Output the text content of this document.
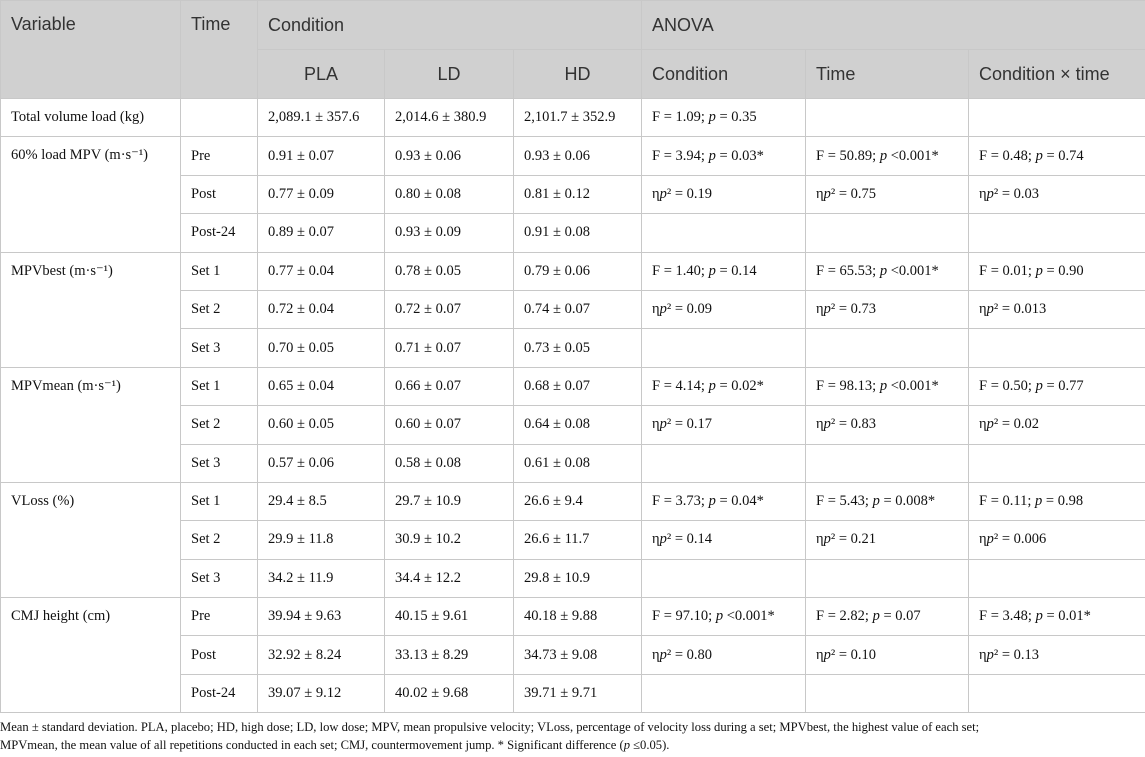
Variable	Time	Condition			ANOVA		
		PLA	LD	HD	Condition	Time	Condition × time
Total volume load (kg)		2,089.1 ± 357.6	2,014.6 ± 380.9	2,101.7 ± 352.9	F = 1.09; p = 0.35		
60% load MPV (m·s⁻¹)	Pre	0.91 ± 0.07	0.93 ± 0.06	0.93 ± 0.06	F = 3.94; p = 0.03*	F = 50.89; p <0.001*	F = 0.48; p = 0.74
	Post	0.77 ± 0.09	0.80 ± 0.08	0.81 ± 0.12	ηp² = 0.19	ηp² = 0.75	ηp² = 0.03
	Post-24	0.89 ± 0.07	0.93 ± 0.09	0.91 ± 0.08			
MPVbest (m·s⁻¹)	Set 1	0.77 ± 0.04	0.78 ± 0.05	0.79 ± 0.06	F = 1.40; p = 0.14	F = 65.53; p <0.001*	F = 0.01; p = 0.90
	Set 2	0.72 ± 0.04	0.72 ± 0.07	0.74 ± 0.07	ηp² = 0.09	ηp² = 0.73	ηp² = 0.013
	Set 3	0.70 ± 0.05	0.71 ± 0.07	0.73 ± 0.05			
MPVmean (m·s⁻¹)	Set 1	0.65 ± 0.04	0.66 ± 0.07	0.68 ± 0.07	F = 4.14; p = 0.02*	F = 98.13; p <0.001*	F = 0.50; p = 0.77
	Set 2	0.60 ± 0.05	0.60 ± 0.07	0.64 ± 0.08	ηp² = 0.17	ηp² = 0.83	ηp² = 0.02
	Set 3	0.57 ± 0.06	0.58 ± 0.08	0.61 ± 0.08			
VLoss (%)	Set 1	29.4 ± 8.5	29.7 ± 10.9	26.6 ± 9.4	F = 3.73; p = 0.04*	F = 5.43; p = 0.008*	F = 0.11; p = 0.98
	Set 2	29.9 ± 11.8	30.9 ± 10.2	26.6 ± 11.7	ηp² = 0.14	ηp² = 0.21	ηp² = 0.006
	Set 3	34.2 ± 11.9	34.4 ± 12.2	29.8 ± 10.9			
CMJ height (cm)	Pre	39.94 ± 9.63	40.15 ± 9.61	40.18 ± 9.88	F = 97.10; p <0.001*	F = 2.82; p = 0.07	F = 3.48; p = 0.01*
	Post	32.92 ± 8.24	33.13 ± 8.29	34.73 ± 9.08	ηp² = 0.80	ηp² = 0.10	ηp² = 0.13
	Post-24	39.07 ± 9.12	40.02 ± 9.68	39.71 ± 9.71			
Mean ± standard deviation. PLA, placebo; HD, high dose; LD, low dose; MPV, mean propulsive velocity; VLoss, percentage of velocity loss during a set; MPVbest, the highest value of each set;
MPVmean, the mean value of all repetitions conducted in each set; CMJ, countermovement jump. * Significant difference (p ≤0.05).
